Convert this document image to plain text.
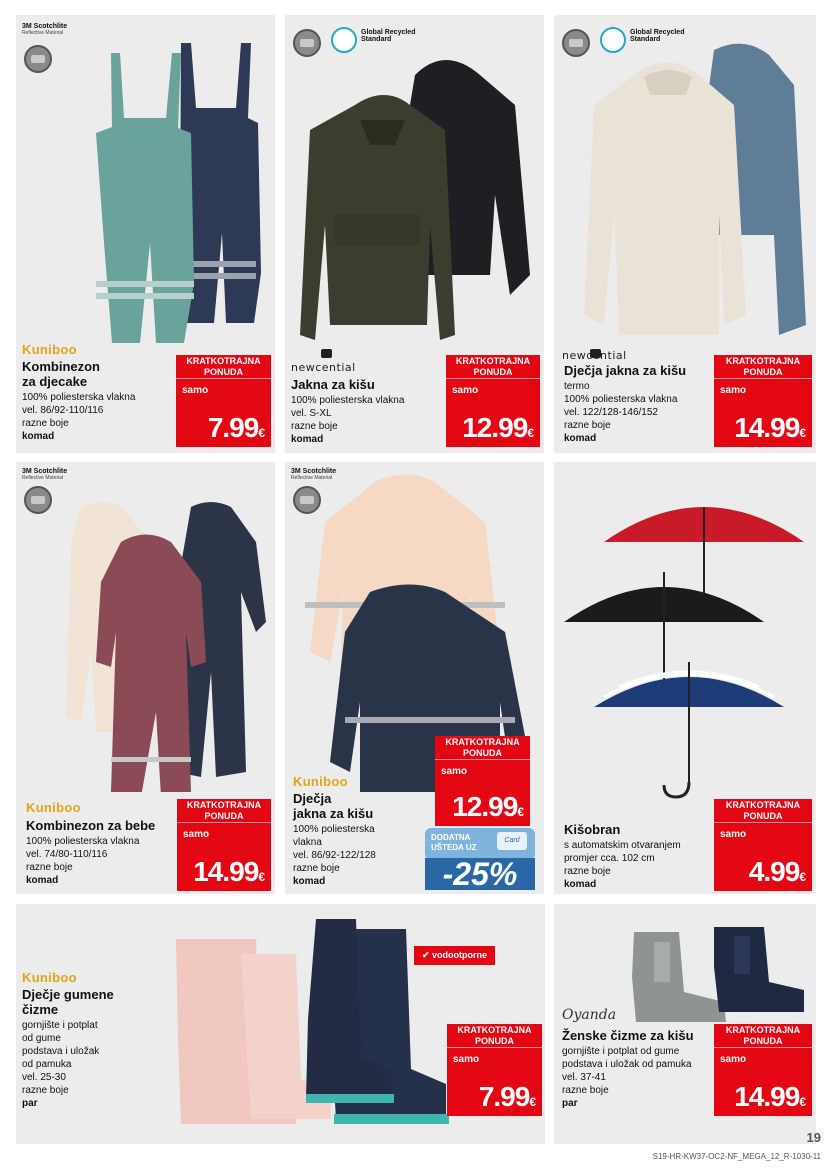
3M Scotchlite
Reflective Material
Kuniboo
Kombinezon
za djecake
100% poliesterska vlakna
vel. 86/92-110/116
razne boje
komad
KRATKOTRAJNA
PONUDA
samo
7.99€
Global Recycled
Standard
newcential
Jakna za kišu
100% poliesterska vlakna
vel. S-XL
razne boje
komad
KRATKOTRAJNA
PONUDA
samo
12.99€
Global Recycled
Standard
newcential
Dječja jakna za kišu
termo
100% poliesterska vlakna
vel. 122/128-146/152
razne boje
komad
KRATKOTRAJNA
PONUDA
samo
14.99€
3M Scotchlite
Reflective Material
Kuniboo
Kombinezon za bebe
100% poliesterska vlakna
vel. 74/80-110/116
razne boje
komad
KRATKOTRAJNA
PONUDA
samo
14.99€
3M Scotchlite
Reflective Material
Kuniboo
Dječja
jakna za kišu
100% poliesterska
vlakna
vel. 86/92-122/128
razne boje
komad
KRATKOTRAJNA
PONUDA
samo
12.99€
DODATNA
UŠTEDA UZ
Card
-25%
Kišobran
s automatskim otvaranjem
promjer cca. 102 cm
razne boje
komad
KRATKOTRAJNA
PONUDA
samo
4.99€
✔ vodootporne
Kuniboo
Dječje gumene
čizme
gornjište i potplat
od gume
podstava i uložak
od pamuka
vel. 25-30
razne boje
par
KRATKOTRAJNA
PONUDA
samo
7.99€
Oyanda
Ženske čizme za kišu
gornjište i potplat od gume
podstava i uložak od pamuka
vel. 37-41
razne boje
par
KRATKOTRAJNA
PONUDA
samo
14.99€
19
S19-HR-KW37-OC2-NF_MEGA_12_R-1030-11
